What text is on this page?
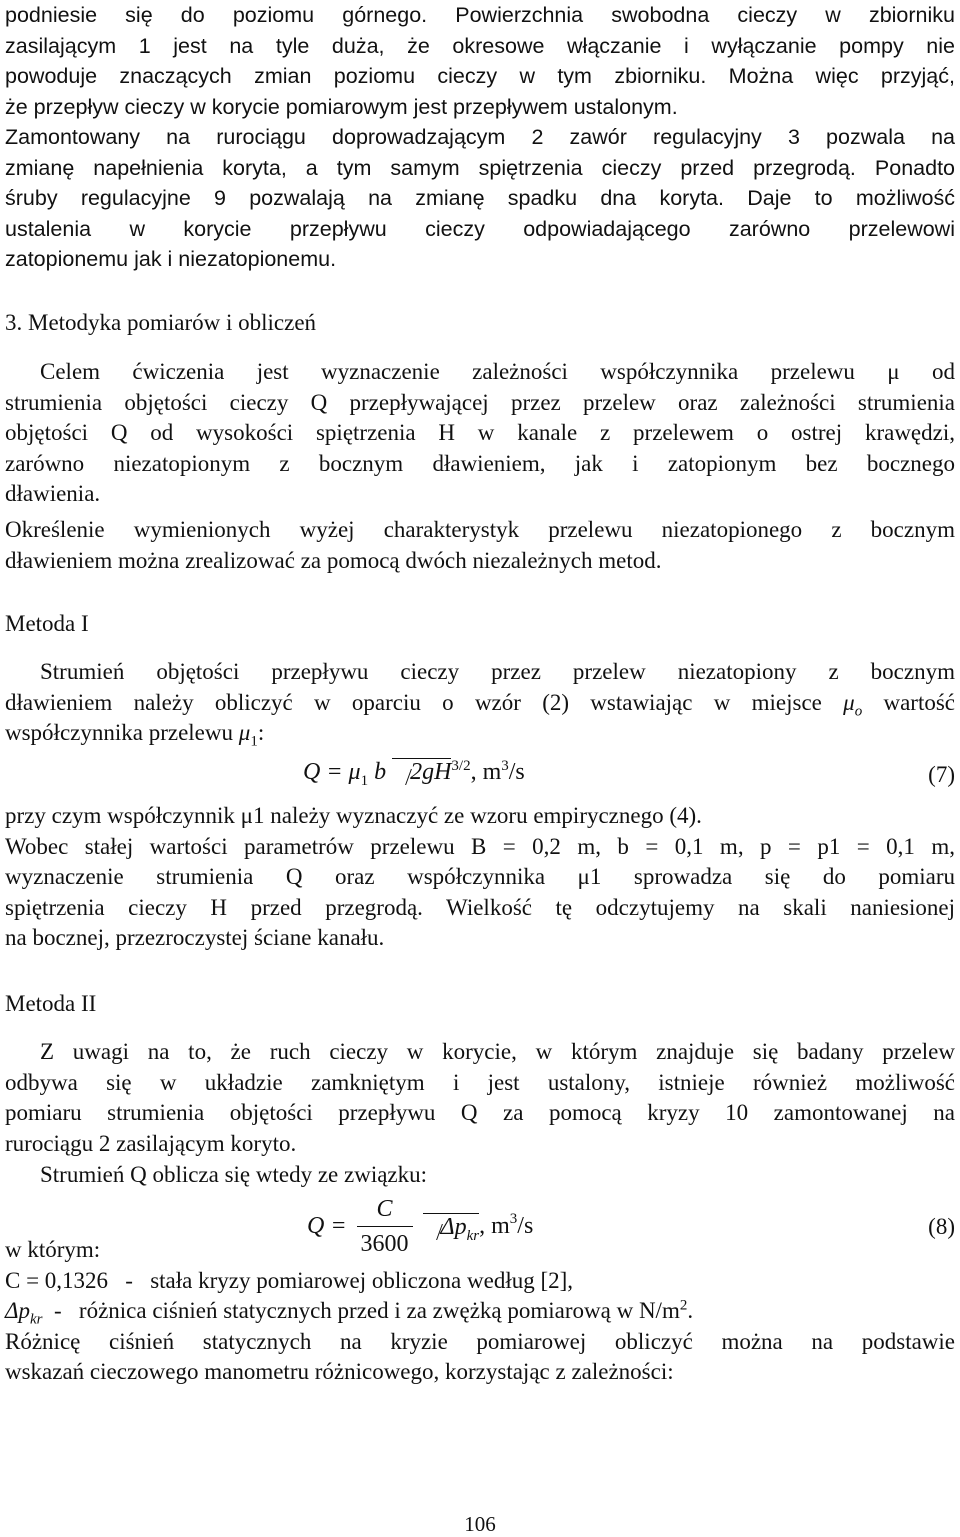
podniesie się do poziomu górnego. Powierzchnia swobodna cieczy w zbiorniku
zasilającym 1 jest na tyle duża, że okresowe włączanie i wyłączanie pompy nie
powoduje znaczących zmian poziomu cieczy w tym zbiorniku. Można więc przyjąć,
że przepływ cieczy w korycie pomiarowym jest przepływem ustalonym.
Zamontowany na rurociągu doprowadzającym 2 zawór regulacyjny 3 pozwala na
zmianę napełnienia koryta, a tym samym spiętrzenia cieczy przed przegrodą. Ponadto
śruby regulacyjne 9 pozwalają na zmianę spadku dna koryta. Daje to możliwość
ustalenia w korycie przepływu cieczy odpowiadającego zarówno przelewowi
zatopionemu jak i niezatopionemu.
3. Metodyka pomiarów i obliczeń
Celem ćwiczenia jest wyznaczenie zależności współczynnika przelewu μ od
strumienia objętości cieczy Q przepływającej przez przelew oraz zależności strumienia
objętości Q od wysokości spiętrzenia H w kanale z przelewem o ostrej krawędzi,
zarówno niezatopionym z bocznym dławieniem, jak i zatopionym bez bocznego
dławienia.
Określenie wymienionych wyżej charakterystyk przelewu niezatopionego z bocznym
dławieniem można zrealizować za pomocą dwóch niezależnych metod.
Metoda I
Strumień objętości przepływu cieczy przez przelew niezatopiony z bocznym
dławieniem należy obliczyć w oparciu o wzór (2) wstawiając w miejsce $\mu_o$ wartość
współczynnika przelewu $\mu_1$:
$Q = \mu_1$ b $2gH^{3/2}$, $m^3/s$	(7)
przy czym współczynnik μ1 należy wyznaczyć ze wzoru empirycznego (4).
Wobec stałej wartości parametrów przelewu B = 0,2 m, b = 0,1 m, p = p1 = 0,1 m,
wyznaczenie strumienia Q oraz współczynnika μ1 sprowadza się do pomiaru
spiętrzenia cieczy H przed przegrodą. Wielkość tę odczytujemy na skali naniesionej
na bocznej, przezroczystej ściane kanału.
Metoda II
Z uwagi na to, że ruch cieczy w korycie, w którym znajduje się badany przelew
odbywa się w układzie zamkniętym i jest ustalony, istnieje również możliwość
pomiaru strumienia objętości przepływu Q za pomocą kryzy 10 zamontowanej na
rurociągu 2 zasilającym koryto.
Strumień Q oblicza się wtedy ze związku:
$Q = \frac{C}{3600} \Delta p_{kr}$, $m^3/s$	(8)
w którym:
C = 0,1326   -   stała kryzy pomiarowej obliczona według [2],
$\Delta p_{kr}$  -   różnica ciśnień statycznych przed i za zwężką pomiarową w $N/m^2$.
Różnicę ciśnień statycznych na kryzie pomiarowej obliczyć można na podstawie
wskazań cieczowego manometru różnicowego, korzystając z zależności:
106
